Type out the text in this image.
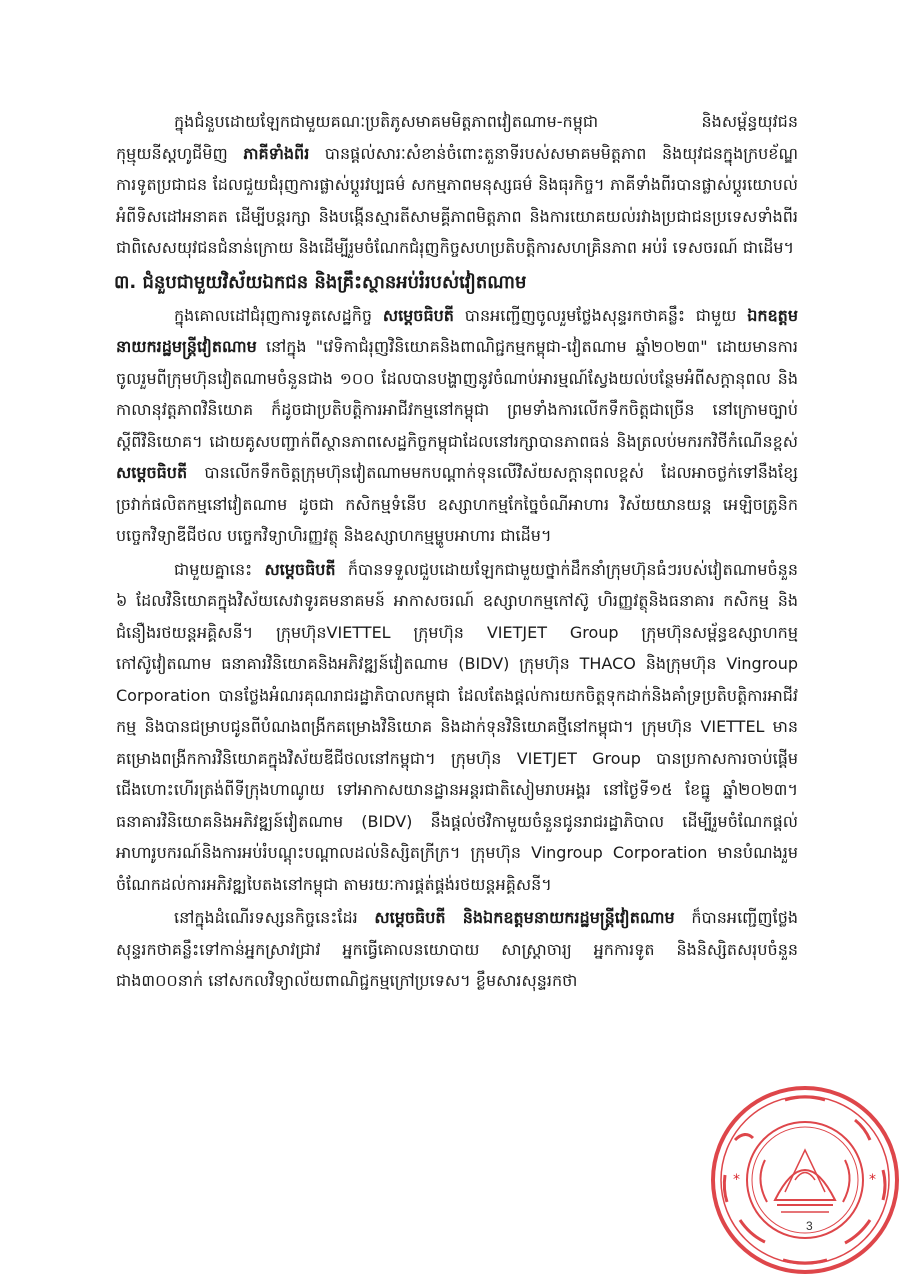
ក្នុងជំនួបដោយឡែកជាមួយគណៈប្រតិភូសមាគមមិត្តភាពវៀតណាម-កម្ពុជា និងសម្ព័ន្ធយុវជនកុម្មុយនីស្តហូជីមិញ ភាគីទាំងពីរ បានផ្តល់សារៈសំខាន់ចំពោះតួនាទីរបស់សមាគមមិត្តភាព និងយុវជនក្នុងក្របខ័ណ្ឌការទូតប្រជាជន ដែលជួយជំរុញការផ្លាស់ប្តូរវប្បធម៌ សកម្មភាពមនុស្សធម៌ និងធុរកិច្ច។ ភាគីទាំងពីរបានផ្លាស់ប្តូរយោបល់អំពីទិសដៅអនាគត ដើម្បីបន្តរក្សា និងបង្កើនស្មារតីសាមគ្គីភាពមិត្តភាព និងការយោគយល់រវាងប្រជាជនប្រទេសទាំងពីរ ជាពិសេសយុវជនជំនាន់ក្រោយ និងដើម្បីរួមចំណែកជំរុញកិច្ចសហប្រតិបត្តិការសហគ្រិនភាព អប់រំ ទេសចរណ៍ ជាដើម។

៣. ជំនួបជាមួយវិស័យឯកជន និងគ្រឹះស្ថានអប់រំរបស់វៀតណាម

ក្នុងគោលដៅជំរុញការទូតសេដ្ឋកិច្ច សម្តេចធិបតី បានអញ្ជើញចូលរួមថ្លែងសុន្ទរកថាគន្លឹះ ជាមួយ ឯកឧត្តមនាយករដ្ឋមន្ត្រីវៀតណាម នៅក្នុង "វេទិកាជំរុញវិនិយោគនិងពាណិជ្ជកម្មកម្ពុជា-វៀតណាម ឆ្នាំ២០២៣" ដោយមានការចូលរួមពីក្រុមហ៊ុនវៀតណាមចំនួនជាង ១០០ ដែលបានបង្ហាញនូវចំណាប់អារម្មណ៍ស្វែងយល់បន្ថែមអំពីសក្តានុពល និងកាលានុវត្តភាពវិនិយោគ ក៏ដូចជាប្រតិបត្តិការអាជីវកម្មនៅកម្ពុជា ព្រមទាំងការលើកទឹកចិត្តជាច្រើន នៅក្រោមច្បាប់ស្តីពីវិនិយោគ។ ដោយគូសបញ្ជាក់ពីស្ថានភាពសេដ្ឋកិច្ចកម្ពុជាដែលនៅរក្សាបានភាពធន់ និងត្រលប់មករកវិថីកំណើនខ្ពស់ សម្តេចធិបតី បានលើកទឹកចិត្តក្រុមហ៊ុនវៀតណាមមកបណ្តាក់ទុនលើវិស័យសក្តានុពលខ្ពស់ ដែលអាចថ្លក់ទៅនឹងខ្សែច្រវាក់ផលិតកម្មនៅវៀតណាម ដូចជា កសិកម្មទំនើប ឧស្សាហកម្មកែច្នៃចំណីអាហារ វិស័យយានយន្ត អេឡិចត្រូនិក បច្ចេកវិទ្យាឌីជីថល បច្ចេកវិទ្យាហិរញ្ញវត្ថុ និងឧស្សាហកម្មម្ហូបអាហារ ជាដើម។

ជាមួយគ្នានេះ សម្តេចធិបតី ក៏បានទទួលជួបដោយឡែកជាមួយថ្នាក់ដឹកនាំក្រុមហ៊ុនធំៗរបស់វៀតណាមចំនួន ៦ ដែលវិនិយោគក្នុងវិស័យសេវាទូរគមនាគមន៍ អាកាសចរណ៍ ឧស្សាហកម្មកៅស៊ូ ហិរញ្ញវត្ថុនិងធនាគារ កសិកម្ម និងជំនឿងរថយន្តអគ្គិសនី។ ក្រុមហ៊ុនVIETTEL ក្រុមហ៊ុន VIETJET Group ក្រុមហ៊ុនសម្ព័ន្ធឧស្សាហកម្មកៅស៊ូវៀតណាម ធនាគារវិនិយោគនិងអភិវឌ្ឍន៍វៀតណាម (BIDV) ក្រុមហ៊ុន THACO និងក្រុមហ៊ុន Vingroup Corporation បានថ្លែងអំណរគុណរាជរដ្ឋាភិបាលកម្ពុជា ដែលតែងផ្តល់ការយកចិត្តទុកដាក់និងគាំទ្រប្រតិបត្តិការអាជីវកម្ម និងបានជម្រាបជូនពីបំណងពង្រីកគម្រោងវិនិយោគ និងដាក់ទុនវិនិយោគថ្មីនៅកម្ពុជា។ ក្រុមហ៊ុន VIETTEL មានគម្រោងពង្រីកការវិនិយោគក្នុងវិស័យឌីជីថលនៅកម្ពុជា។ ក្រុមហ៊ុន VIETJET Group បានប្រកាសការចាប់ផ្តើមជើងហោះហើរត្រង់ពីទីក្រុងហាណូយ ទៅអាកាសយានដ្ឋានអន្តរជាតិសៀមរាបអង្គរ នៅថ្ងៃទី១៥ ខែធ្នូ ឆ្នាំ២០២៣។ ធនាគារវិនិយោគនិងអភិវឌ្ឍន៍វៀតណាម (BIDV) នឹងផ្តល់ថវិកាមួយចំនួនជូនរាជរដ្ឋាភិបាល ដើម្បីរួមចំណែកផ្តល់អាហារូបករណ៍និងការអប់រំបណ្តុះបណ្តាលដល់និស្សិតក្រីក្រ។ ក្រុមហ៊ុន Vingroup Corporation មានបំណងរួមចំណែកដល់ការអភិវឌ្ឍបៃតងនៅកម្ពុជា តាមរយៈការផ្គត់ផ្គង់រថយន្តអគ្គិសនី។

នៅក្នុងដំណើរទស្សនកិច្ចនេះដែរ សម្តេចធិបតី និងឯកឧត្តមនាយករដ្ឋមន្ត្រីវៀតណាម ក៏បានអញ្ជើញថ្លែងសុន្ទរកថាគន្លឹះទៅកាន់អ្នកស្រាវជ្រាវ អ្នកធ្វើគោលនយោបាយ សាស្ត្រាចារ្យ អ្នកការទូត និងនិស្សិតសរុបចំនួនជាង៣០០នាក់ នៅសកលវិទ្យាល័យពាណិជ្ជកម្មក្រៅប្រទេស។ ខ្លឹមសារសុន្ទរកថា

*	*
3
